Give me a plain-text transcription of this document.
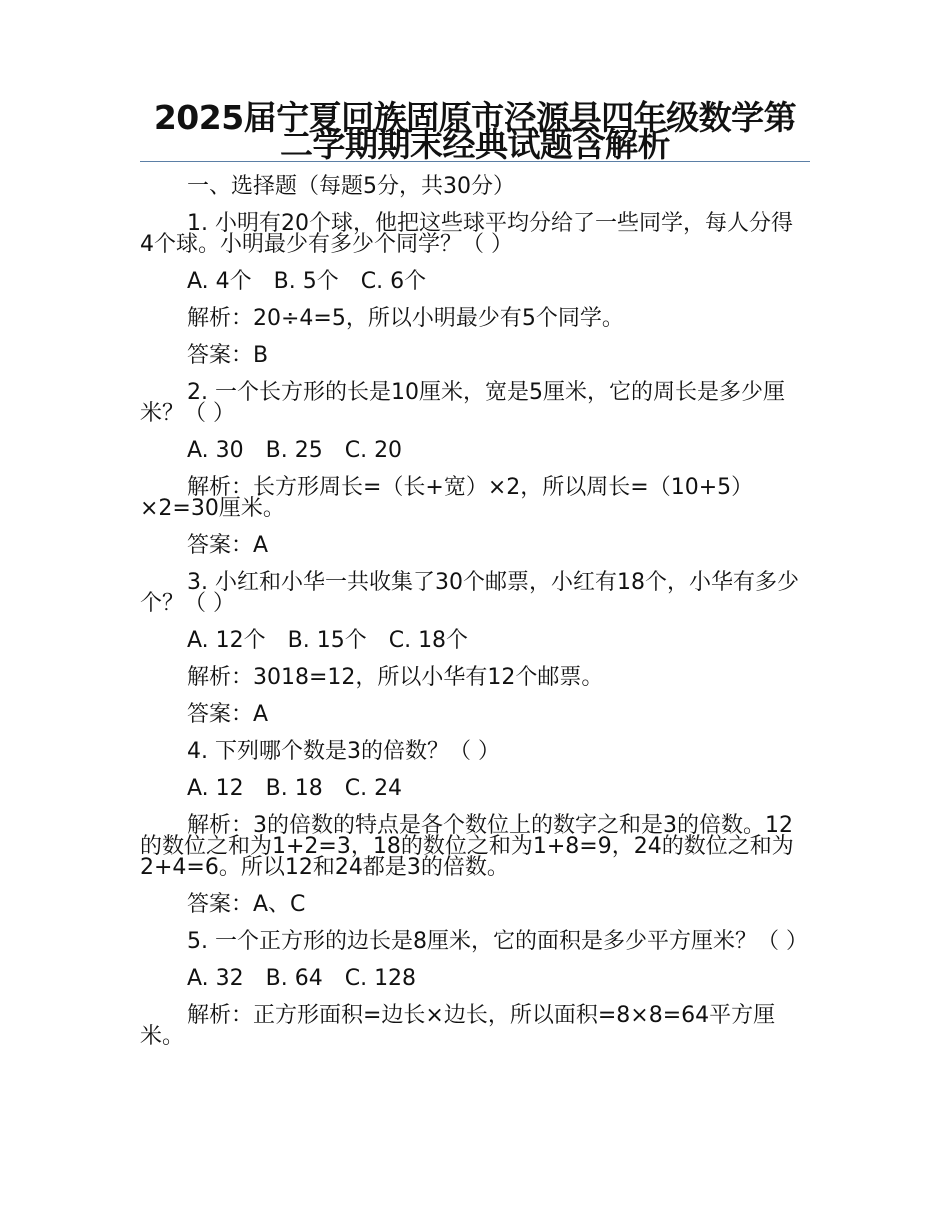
2025届宁夏回族固原市泾源县四年级数学第二学期期末经典试题含解析

一、选择题（每题5分，共30分）

1. 小明有20个球，他把这些球平均分给了一些同学，每人分得4个球。小明最少有多少个同学？（ ）

A. 4个　B. 5个　C. 6个

解析：20÷4=5，所以小明最少有5个同学。

答案：B

2. 一个长方形的长是10厘米，宽是5厘米，它的周长是多少厘米？（ ）

A. 30　B. 25　C. 20

解析：长方形周长=（长+宽）×2，所以周长=（10+5）×2=30厘米。

答案：A

3. 小红和小华一共收集了30个邮票，小红有18个，小华有多少个？（ ）

A. 12个　B. 15个　C. 18个

解析：3018=12，所以小华有12个邮票。

答案：A

4. 下列哪个数是3的倍数？（ ）

A. 12　B. 18　C. 24

解析：3的倍数的特点是各个数位上的数字之和是3的倍数。12的数位之和为1+2=3，18的数位之和为1+8=9，24的数位之和为2+4=6。所以12和24都是3的倍数。

答案：A、C

5. 一个正方形的边长是8厘米，它的面积是多少平方厘米？（ ）

A. 32　B. 64　C. 128

解析：正方形面积=边长×边长，所以面积=8×8=64平方厘米。
